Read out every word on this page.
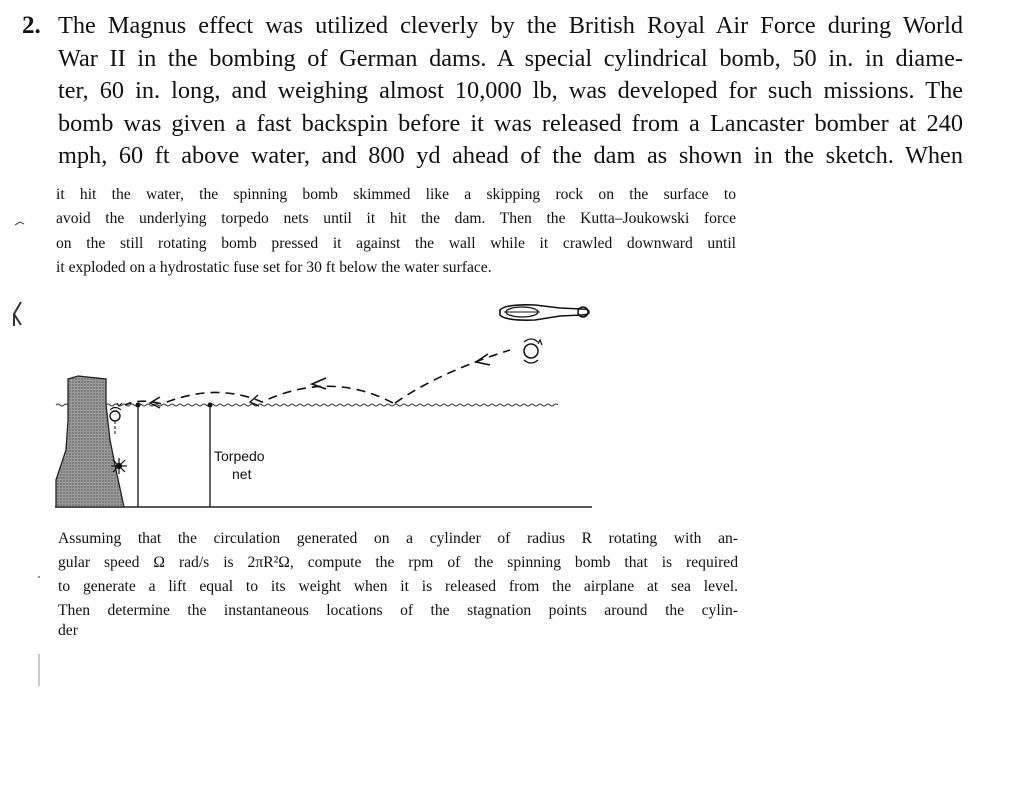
2. The Magnus effect was utilized cleverly by the British Royal Air Force during World
War II in the bombing of German dams. A special cylindrical bomb, 50 in. in diame-
ter, 60 in. long, and weighing almost 10,000 lb, was developed for such missions. The
bomb was given a fast backspin before it was released from a Lancaster bomber at 240
mph, 60 ft above water, and 800 yd ahead of the dam as shown in the sketch. When
it hit the water, the spinning bomb skimmed like a skipping rock on the surface to
avoid the underlying torpedo nets until it hit the dam. Then the Kutta–Joukowski force
on the still rotating bomb pressed it against the wall while it crawled downward until
it exploded on a hydrostatic fuse set for 30 ft below the water surface.
Torpedo
net
Assuming that the circulation generated on a cylinder of radius R rotating with an-
gular speed Ω rad/s is 2πR²Ω, compute the rpm of the spinning bomb that is required
to generate a lift equal to its weight when it is released from the airplane at sea level.
Then determine the instantaneous locations of the stagnation points around the cylin-
der
